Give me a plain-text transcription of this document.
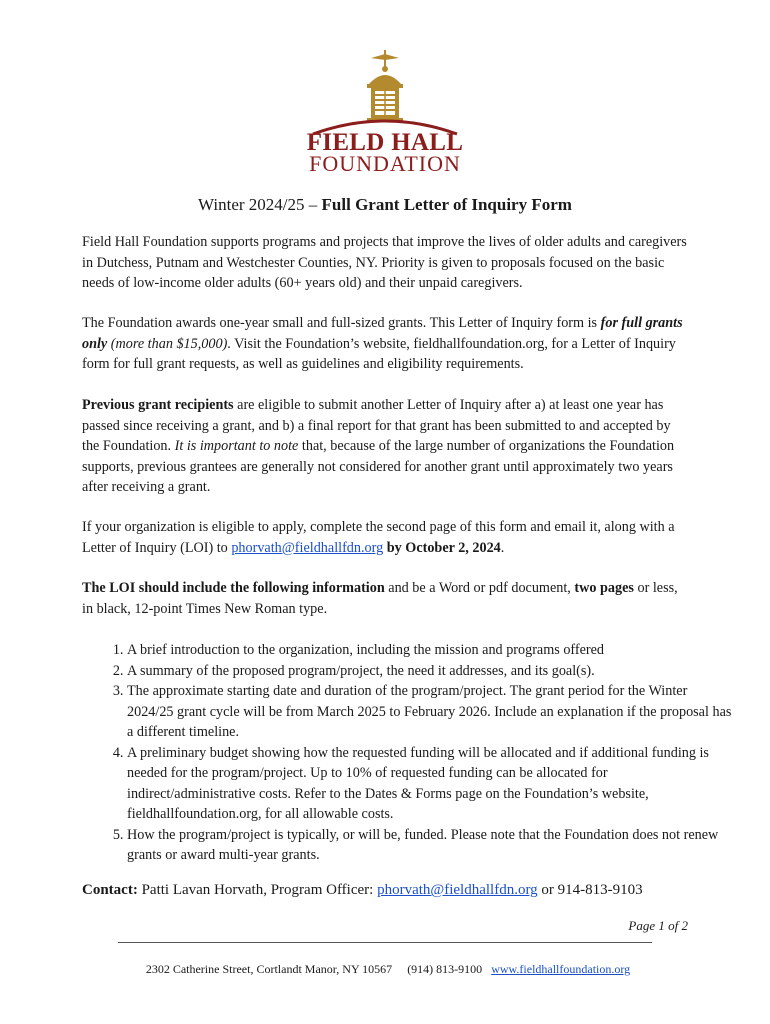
FIELD HALL
FOUNDATION
Winter 2024/25 – Full Grant Letter of Inquiry Form

Field Hall Foundation supports programs and projects that improve the lives of older adults and caregivers in Dutchess, Putnam and Westchester Counties, NY. Priority is given to proposals focused on the basic needs of low-income older adults (60+ years old) and their unpaid caregivers.

The Foundation awards one-year small and full-sized grants. This Letter of Inquiry form is for full grants only (more than $15,000). Visit the Foundation’s website, fieldhallfoundation.org, for a Letter of Inquiry form for full grant requests, as well as guidelines and eligibility requirements.

Previous grant recipients are eligible to submit another Letter of Inquiry after a) at least one year has passed since receiving a grant, and b) a final report for that grant has been submitted to and accepted by the Foundation. It is important to note that, because of the large number of organizations the Foundation supports, previous grantees are generally not considered for another grant until approximately two years after receiving a grant.

If your organization is eligible to apply, complete the second page of this form and email it, along with a Letter of Inquiry (LOI) to phorvath@fieldhallfdn.org by October 2, 2024.

The LOI should include the following information and be a Word or pdf document, two pages or less, in black, 12-point Times New Roman type.

1. A brief introduction to the organization, including the mission and programs offered
2. A summary of the proposed program/project, the need it addresses, and its goal(s).
3. The approximate starting date and duration of the program/project. The grant period for the Winter 2024/25 grant cycle will be from March 2025 to February 2026. Include an explanation if the proposal has a different timeline.
4. A preliminary budget showing how the requested funding will be allocated and if additional funding is needed for the program/project. Up to 10% of requested funding can be allocated for indirect/administrative costs. Refer to the Dates & Forms page on the Foundation’s website, fieldhallfoundation.org, for all allowable costs.
5. How the program/project is typically, or will be, funded. Please note that the Foundation does not renew grants or award multi-year grants.
Contact: Patti Lavan Horvath, Program Officer: phorvath@fieldhallfdn.org or 914-813-9103
Page 1 of 2
2302 Catherine Street, Cortlandt Manor, NY 10567 (914) 813-9100 www.fieldhallfoundation.org
